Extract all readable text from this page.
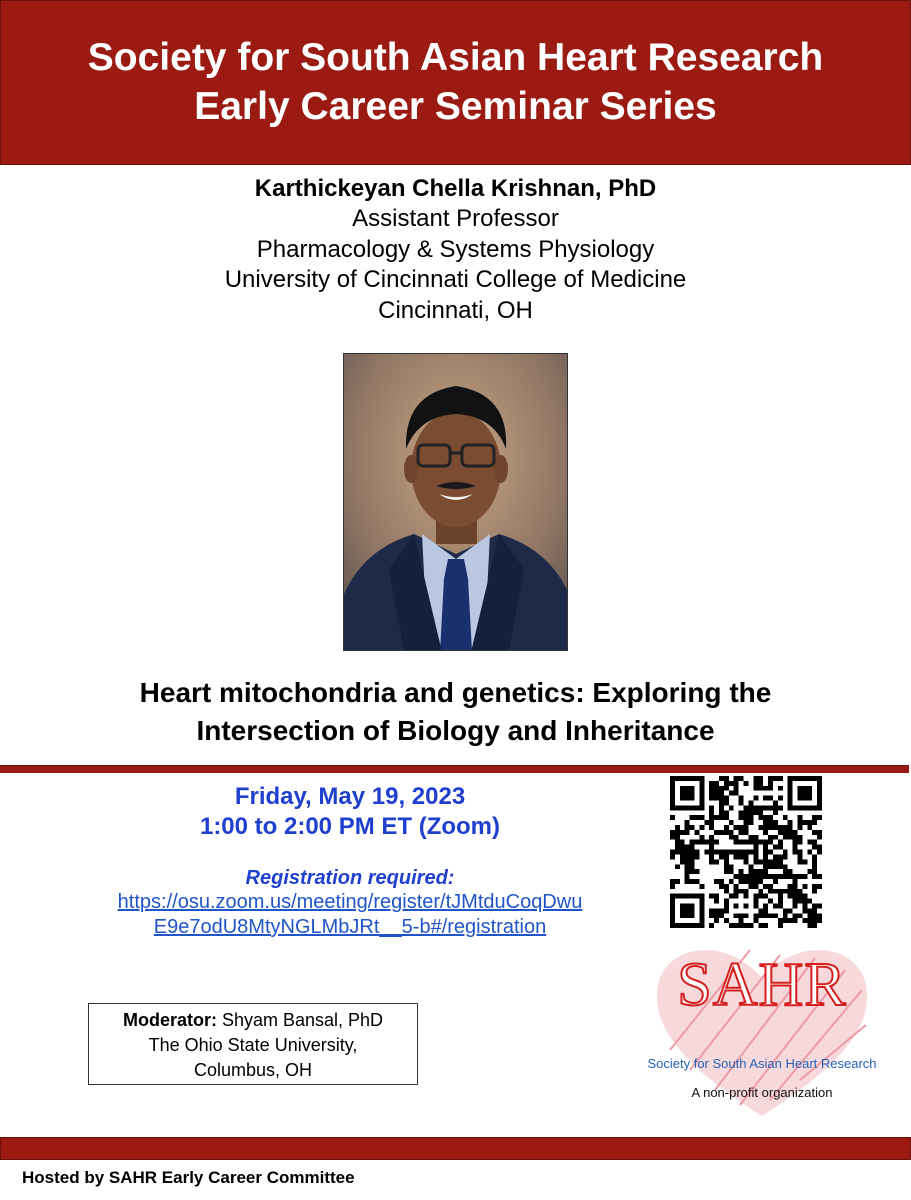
Society for South Asian Heart Research
Early Career Seminar Series
Karthickeyan Chella Krishnan, PhD
Assistant Professor
Pharmacology & Systems Physiology
University of Cincinnati College of Medicine
Cincinnati, OH
Heart mitochondria and genetics: Exploring the
Intersection of Biology and Inheritance
Friday, May 19, 2023
1:00 to 2:00 PM ET (Zoom)
Registration required:
https://osu.zoom.us/meeting/register/tJMtduCoqDwu
E9e7odU8MtyNGLMbJRt__5-b#/registration
SAHR
Society for South Asian Heart Research
A non-profit organization
Moderator: Shyam Bansal, PhD
The Ohio State University,
Columbus, OH
Hosted by SAHR Early Career Committee
